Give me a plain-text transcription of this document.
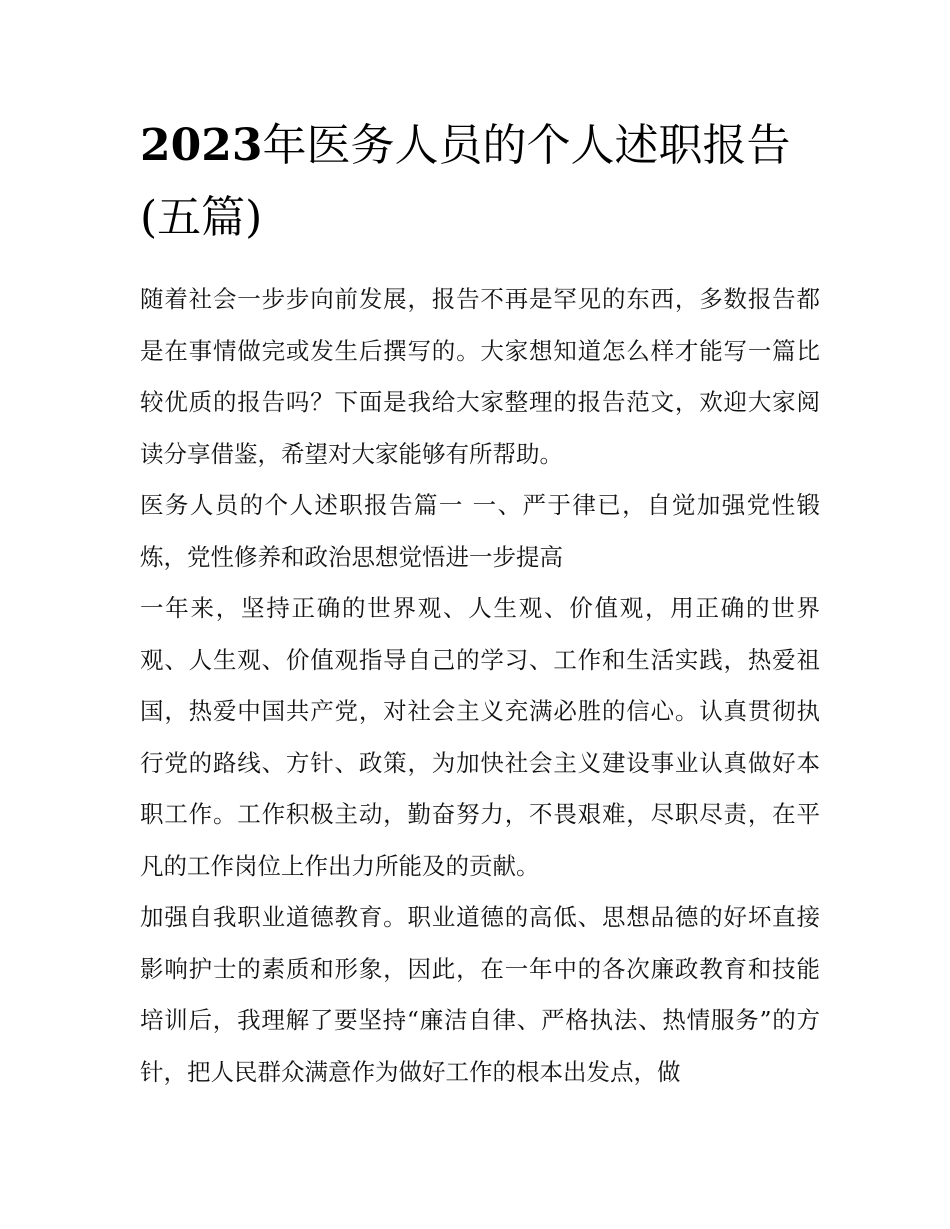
2023年医务人员的个人述职报告(五篇)

随着社会一步步向前发展，报告不再是罕见的东西，多数报告都是在事情做完或发生后撰写的。大家想知道怎么样才能写一篇比较优质的报告吗？下面是我给大家整理的报告范文，欢迎大家阅读分享借鉴，希望对大家能够有所帮助。

医务人员的个人述职报告篇一 一、严于律已，自觉加强党性锻炼，党性修养和政治思想觉悟进一步提高

一年来，坚持正确的世界观、人生观、价值观，用正确的世界观、人生观、价值观指导自己的学习、工作和生活实践，热爱祖国，热爱中国共产党，对社会主义充满必胜的信心。认真贯彻执行党的路线、方针、政策，为加快社会主义建设事业认真做好本职工作。工作积极主动，勤奋努力，不畏艰难，尽职尽责，在平凡的工作岗位上作出力所能及的贡献。

加强自我职业道德教育。职业道德的高低、思想品德的好坏直接影响护士的素质和形象，因此，在一年中的各次廉政教育和技能培训后，我理解了要坚持“廉洁自律、严格执法、热情服务”的方针，把人民群众满意作为做好工作的根本出发点，做
